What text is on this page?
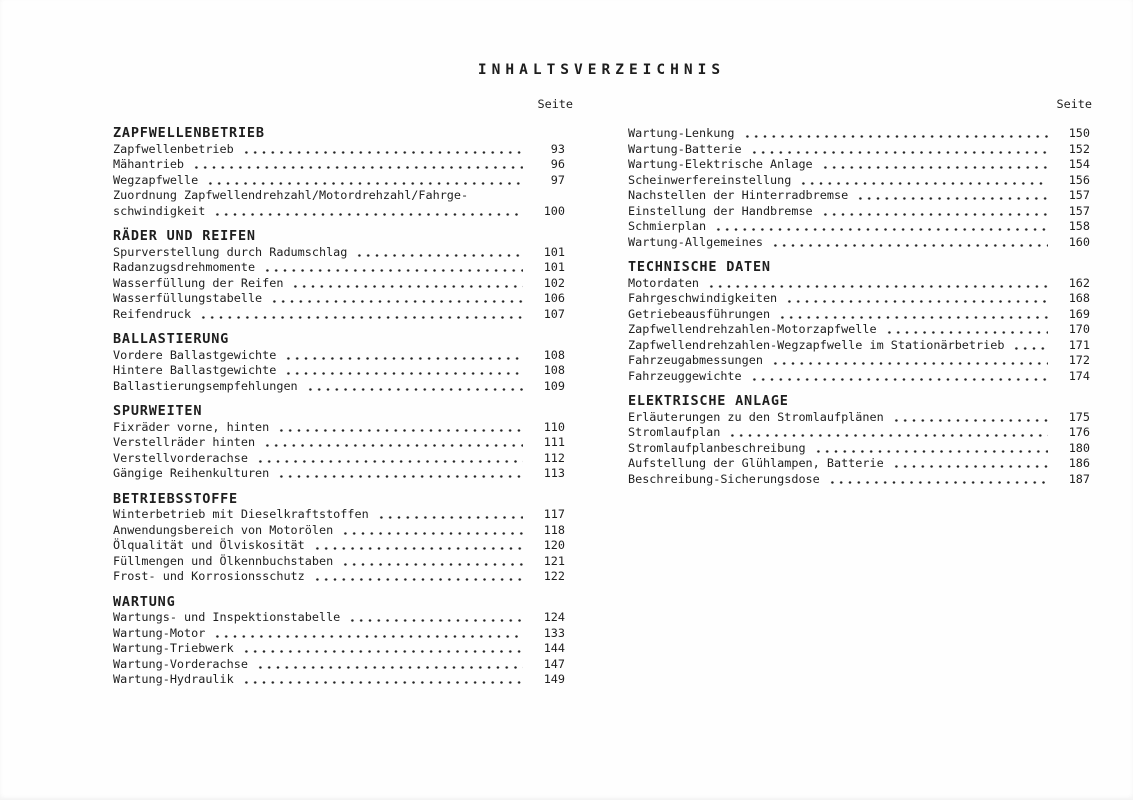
INHALTSVERZEICHNIS
Seite	Seite
ZAPFWELLENBETRIEB
Zapfwellenbetrieb	93
Mähantrieb	96
Wegzapfwelle	97
Zuordnung Zapfwellendrehzahl/Motordrehzahl/Fahrge-
schwindigkeit	100
RÄDER UND REIFEN
Spurverstellung durch Radumschlag	101
Radanzugsdrehmomente	101
Wasserfüllung der Reifen	102
Wasserfüllungstabelle	106
Reifendruck	107
BALLASTIERUNG
Vordere Ballastgewichte	108
Hintere Ballastgewichte	108
Ballastierungsempfehlungen	109
SPURWEITEN
Fixräder vorne, hinten	110
Verstellräder hinten	111
Verstellvorderachse	112
Gängige Reihenkulturen	113
BETRIEBSSTOFFE
Winterbetrieb mit Dieselkraftstoffen	117
Anwendungsbereich von Motorölen	118
Ölqualität und Ölviskosität	120
Füllmengen und Ölkennbuchstaben	121
Frost- und Korrosionsschutz	122
WARTUNG
Wartungs- und Inspektionstabelle	124
Wartung-Motor	133
Wartung-Triebwerk	144
Wartung-Vorderachse	147
Wartung-Hydraulik	149
Wartung-Lenkung	150
Wartung-Batterie	152
Wartung-Elektrische Anlage	154
Scheinwerfereinstellung	156
Nachstellen der Hinterradbremse	157
Einstellung der Handbremse	157
Schmierplan	158
Wartung-Allgemeines	160
TECHNISCHE DATEN
Motordaten	162
Fahrgeschwindigkeiten	168
Getriebeausführungen	169
Zapfwellendrehzahlen-Motorzapfwelle	170
Zapfwellendrehzahlen-Wegzapfwelle im Stationärbetrieb	171
Fahrzeugabmessungen	172
Fahrzeuggewichte	174
ELEKTRISCHE ANLAGE
Erläuterungen zu den Stromlaufplänen	175
Stromlaufplan	176
Stromlaufplanbeschreibung	180
Aufstellung der Glühlampen, Batterie	186
Beschreibung-Sicherungsdose	187
